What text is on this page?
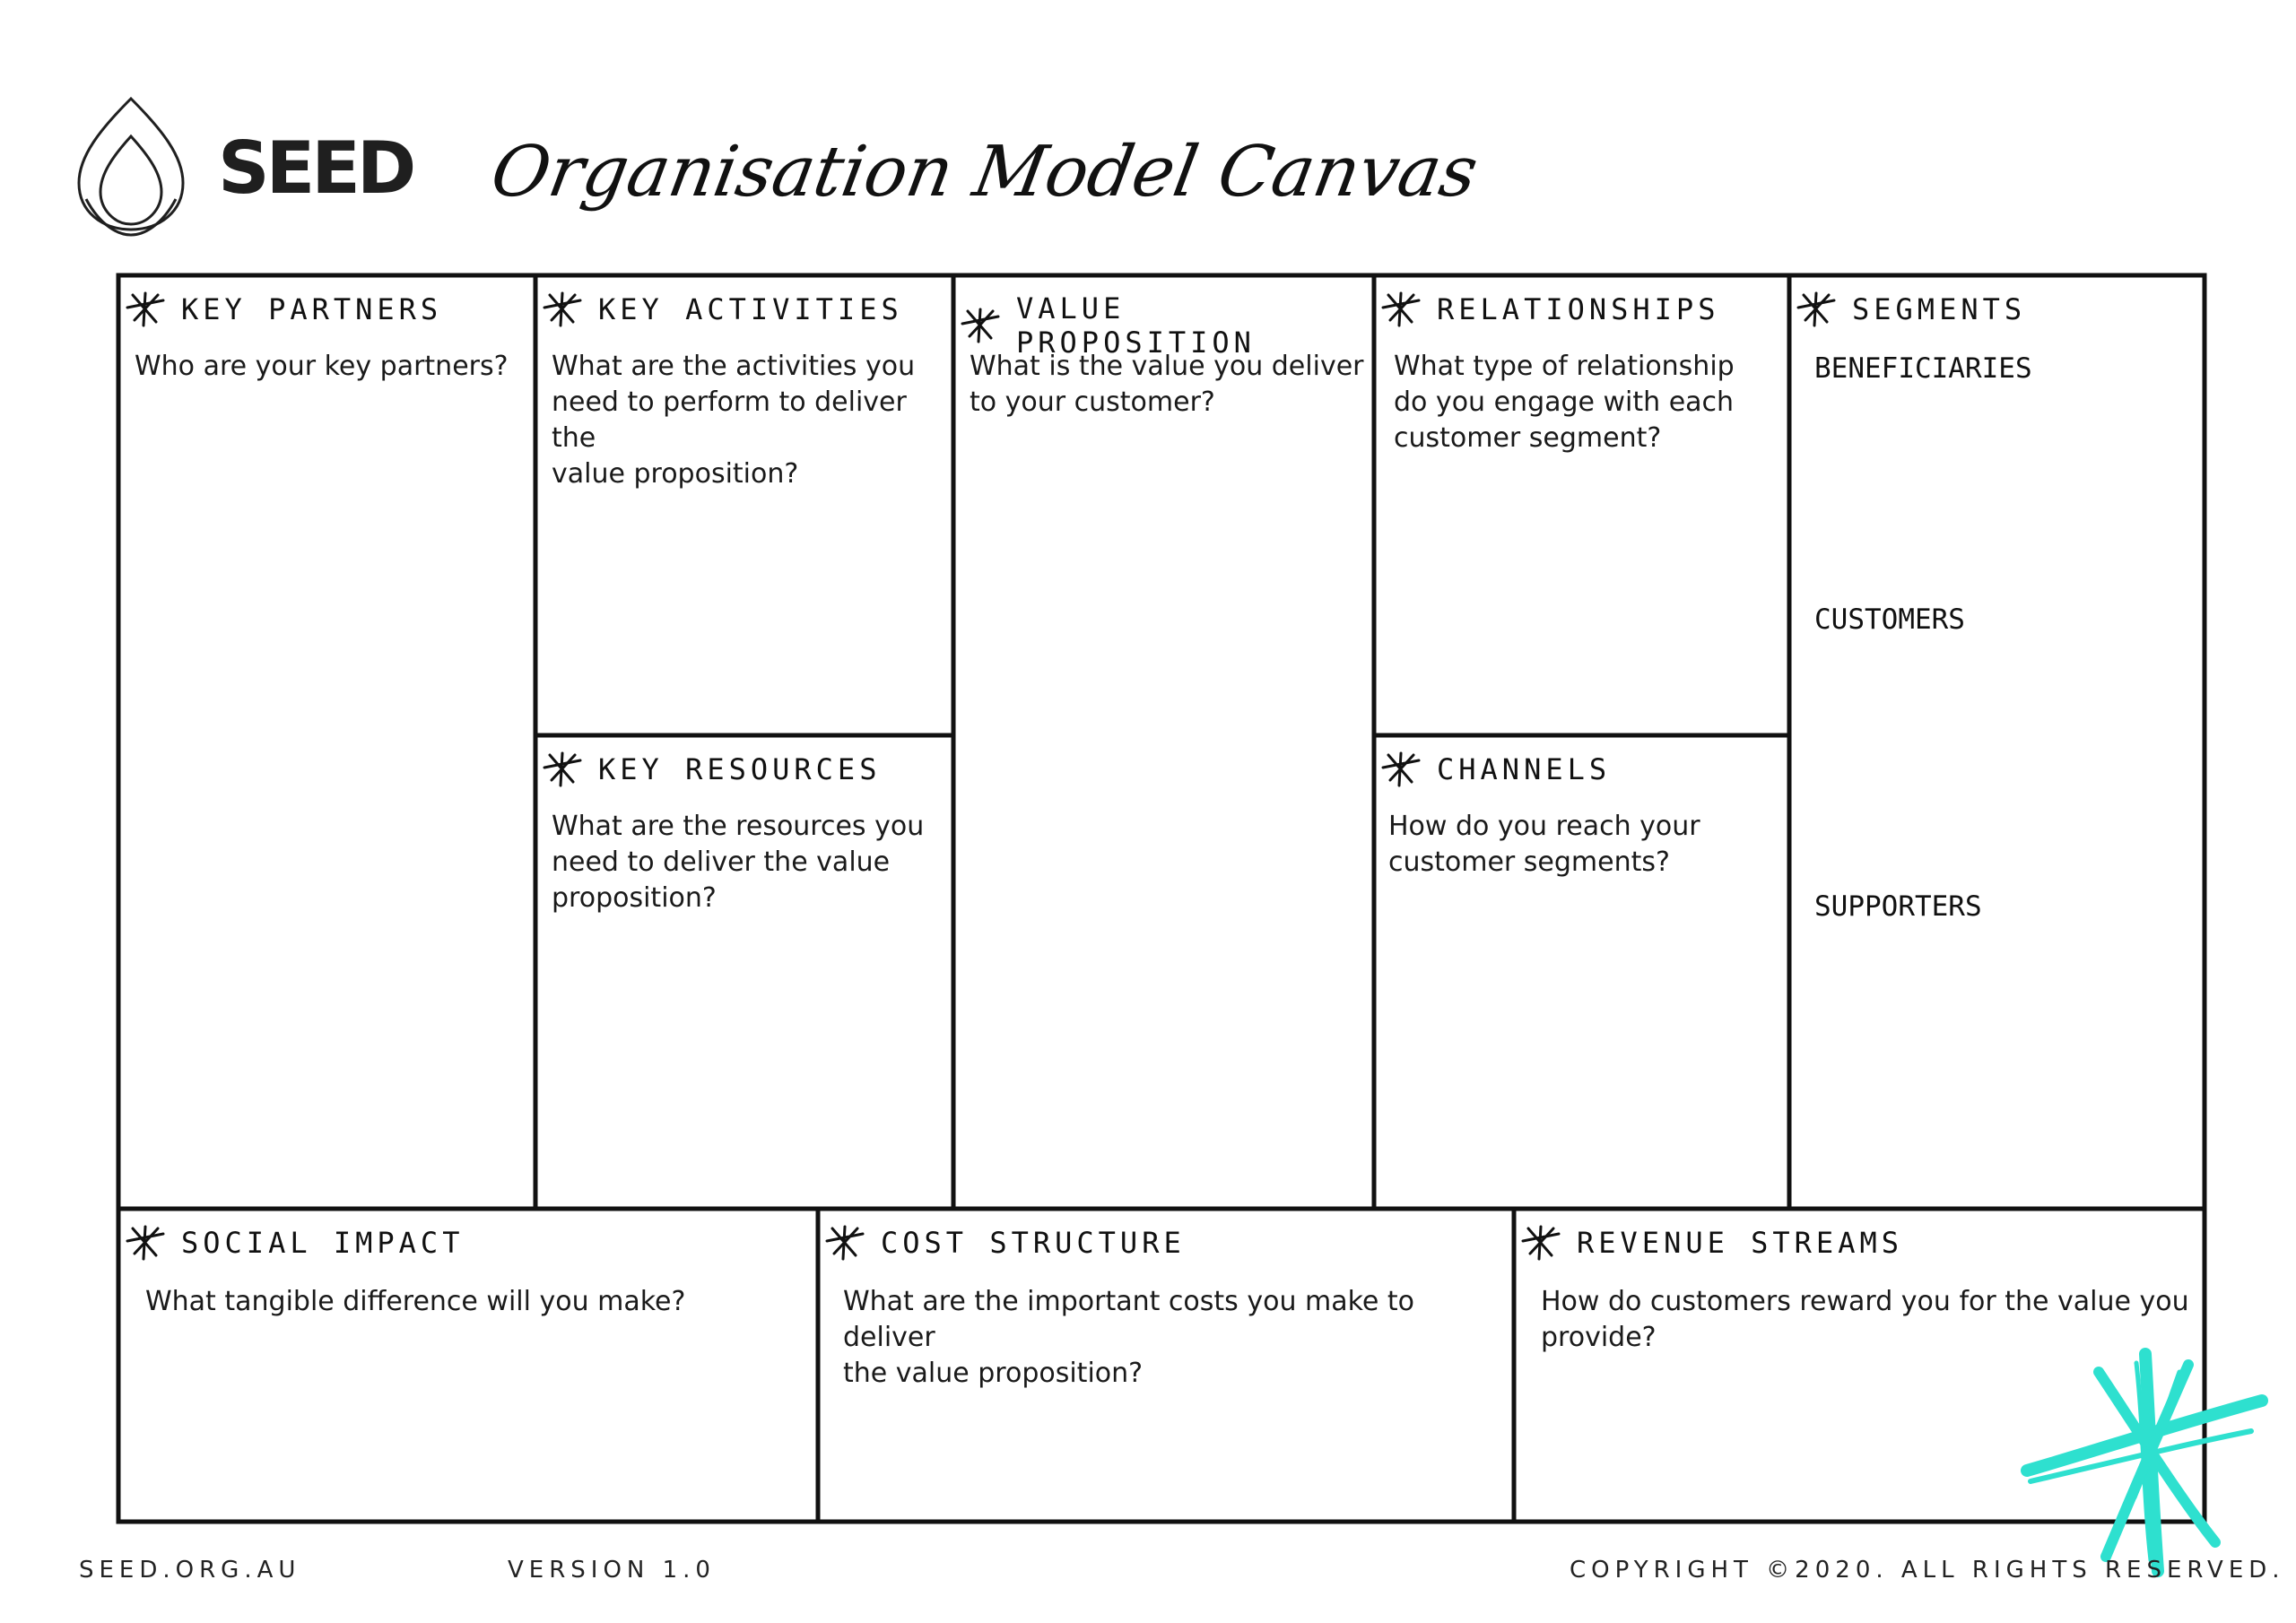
SEED Organisation Model Canvas
KEY PARTNERS
Who are your key partners?
KEY ACTIVITIES
What are the activities you
need to perform to deliver the
value proposition?
KEY RESOURCES
What are the resources you
need to deliver the value
proposition?
VALUE PROPOSITION
What is the value you deliver
to your customer?
RELATIONSHIPS
What type of relationship
do you engage with each
customer segment?
CHANNELS
How do you reach your
customer segments?
SEGMENTS
BENEFICIARIES
CUSTOMERS
SUPPORTERS
SOCIAL IMPACT
What tangible difference will you make?
COST STRUCTURE
What are the important costs you make to deliver
the value proposition?
REVENUE STREAMS
How do customers reward you for the value you
provide?
SEED.ORG.AU	VERSION 1.0	COPYRIGHT ©2020. ALL RIGHTS RESERVED.
